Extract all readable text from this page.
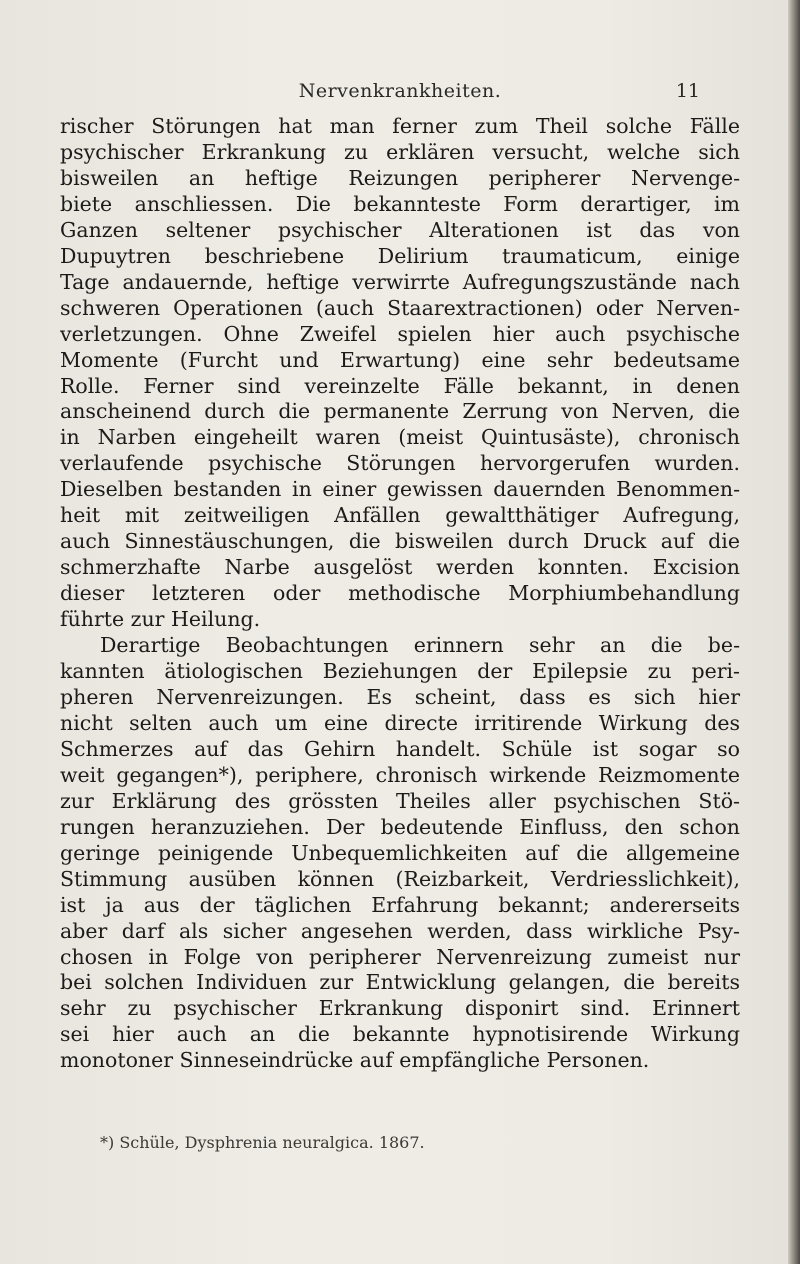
Nervenkrankheiten.	11
rischer Störungen hat man ferner zum Theil solche Fälle
psychischer Erkrankung zu erklären versucht, welche sich
bisweilen an heftige Reizungen peripherer Nervenge-
biete anschliessen. Die bekannteste Form derartiger, im
Ganzen seltener psychischer Alterationen ist das von
Dupuytren beschriebene Delirium traumaticum, einige
Tage andauernde, heftige verwirrte Aufregungszustände nach
schweren Operationen (auch Staarextractionen) oder Nerven-
verletzungen. Ohne Zweifel spielen hier auch psychische
Momente (Furcht und Erwartung) eine sehr bedeutsame
Rolle. Ferner sind vereinzelte Fälle bekannt, in denen
anscheinend durch die permanente Zerrung von Nerven, die
in Narben eingeheilt waren (meist Quintusäste), chronisch
verlaufende psychische Störungen hervorgerufen wurden.
Dieselben bestanden in einer gewissen dauernden Benommen-
heit mit zeitweiligen Anfällen gewaltthätiger Aufregung,
auch Sinnestäuschungen, die bisweilen durch Druck auf die
schmerzhafte Narbe ausgelöst werden konnten. Excision
dieser letzteren oder methodische Morphiumbehandlung
führte zur Heilung.
Derartige Beobachtungen erinnern sehr an die be-
kannten ätiologischen Beziehungen der Epilepsie zu peri-
pheren Nervenreizungen. Es scheint, dass es sich hier
nicht selten auch um eine directe irritirende Wirkung des
Schmerzes auf das Gehirn handelt. Schüle ist sogar so
weit gegangen*), periphere, chronisch wirkende Reizmomente
zur Erklärung des grössten Theiles aller psychischen Stö-
rungen heranzuziehen. Der bedeutende Einfluss, den schon
geringe peinigende Unbequemlichkeiten auf die allgemeine
Stimmung ausüben können (Reizbarkeit, Verdriesslichkeit),
ist ja aus der täglichen Erfahrung bekannt; andererseits
aber darf als sicher angesehen werden, dass wirkliche Psy-
chosen in Folge von peripherer Nervenreizung zumeist nur
bei solchen Individuen zur Entwicklung gelangen, die bereits
sehr zu psychischer Erkrankung disponirt sind. Erinnert
sei hier auch an die bekannte hypnotisirende Wirkung
monotoner Sinneseindrücke auf empfängliche Personen.
*) Schüle, Dysphrenia neuralgica. 1867.
